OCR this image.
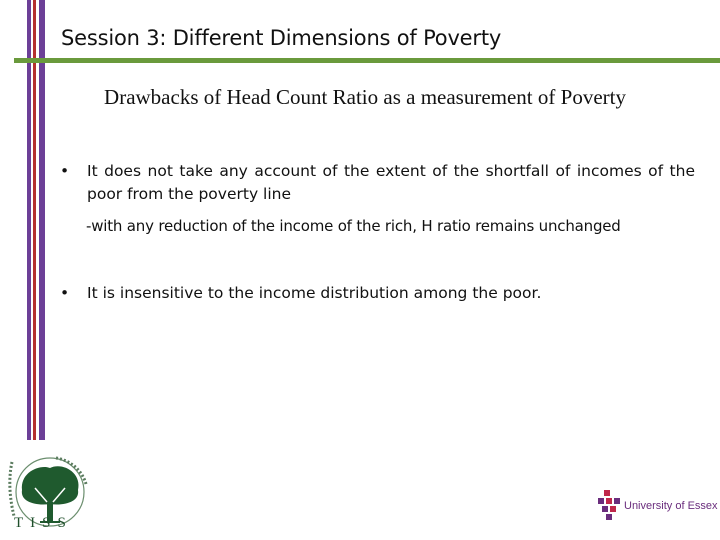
Session 3: Different Dimensions of Poverty
Drawbacks of Head Count Ratio as a measurement of Poverty
• It does not take any account of the extent of the shortfall of incomes of the poor from the poverty line
-with any reduction of the income of the rich, H ratio remains unchanged
• It is insensitive to the income distribution among the poor.
TISS
University of Essex
